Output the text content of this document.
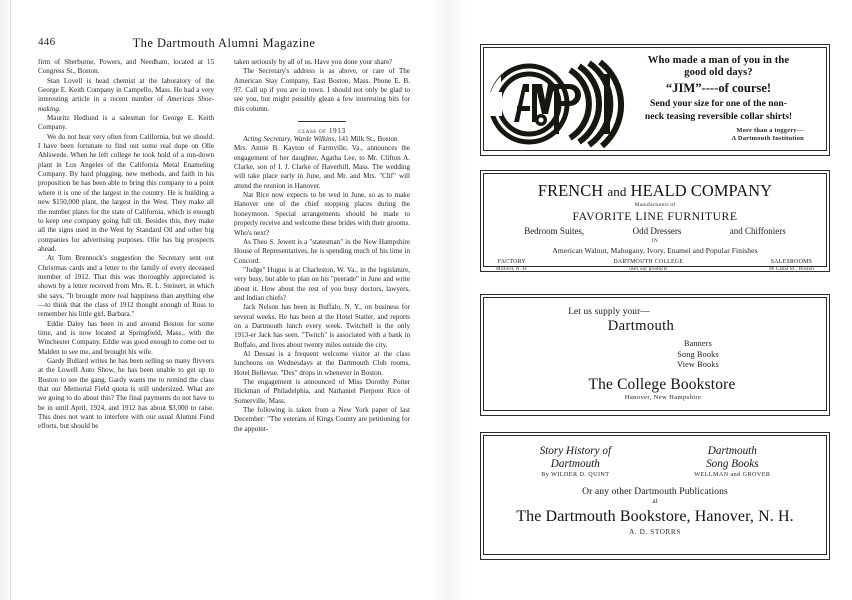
446	The Dartmouth Alumni Magazine

firm of Sherburne, Powers, and Needham, located at 15 Congress St., Boston.

Stan Lovell is head chemist at the laboratory of the George E. Keith Company in Campello, Mass. He had a very interesting article in a recent number of Americas Shoe-making.

Mauritz Hedlund is a salesman for George E. Keith Company.

We do not hear very often from California, but we should. I have been fortunate to find out some real dope on Olle Ahlswede. When he left college he took hold of a run-down plant in Los Angeles of the California Metal Enameling Company. By hard plugging, new methods, and faith in his proposition he has been able to bring this company to a point where it is one of the largest in the country. He is building a new $150,000 plant, the largest in the West. They make all the number plates for the state of California, which is enough to keep one company going full tilt. Besides this, they make all the signs used in the West by Standard Oil and other big companies for advertising purposes. Olie has big prospects ahead.

At Tom Brennock's suggestion the Secretary sent out Christmas cards and a letter to the family of every deceased member of 1912. That this was thoroughly appreciated is shown by a letter received from Mrs. R. L. Steinert, in which she says, "It brought more real happiness than anything else—to think that the class of 1912 thought enough of Russ to remember his little girl, Barbara."

Eddie Daley has been in and around Boston for some time, and is now located at Springfield, Mass., with the Winchester Company. Eddie was good enough to come out to Malden to see me, and brought his wife.

Gardy Bullard writes he has been selling so many flivvers at the Lowell Auto Show, he has been unable to get up to Boston to see the gang. Gardy wants me to remind the class that our Memorial Field quota is still undersized. What are we going to do about this? The final payments do not have to be in until April, 1924, and 1912 has about $3,000 to raise. This does not want to interfere with our usual Alumni Fund efforts, but should be

taken seriously by all of us. Have you done your share?

The Secretary's address is as above, or care of The American Stay Company, East Boston, Mass. Phone E. B. 97. Call up if you are in town. I should not only be glad to see you, but might possibly glean a few interesting bits for this column.

class of 1913

Acting Secretary, Warde Wilkins, 141 Milk St., Boston

Mrs. Annie B. Kayton of Farmville, Va., announces the engagement of her daughter, Agatha Lee, to Mr. Clifton A. Clarke, son of I. J. Clarke of Haverhill, Mass. The wedding will take place early in June, and Mr. and Mrs. "Clif" will attend the reunion in Hanover.

Nat Rice now expects to be wed in June, so as to make Hanover one of the chief stopping places during the honeymoon. Special arrangements should be made to properly receive and welcome these brides with their grooms. Who's next?

As Theo S. Jewett is a "statesman" in the New Hampshire House of Representatives, he is spending much of his time in Concord.

"Judge" Hugus is at Charleston, W. Va., in the legislature, very busy, but able to plan on his "peerade" in June and write about it. How about the rest of you busy doctors, lawyers, and Indian chiefs?

Jack Nelson has been in Buffalo, N. Y., on business for several weeks. He has been at the Hotel Statler, and reports on a Dartmouth lunch every week. Twitchell is the only 1913-er Jack has seen. "Twitch" is associated with a bank in Buffalo, and lives about twenty miles outside the city.

Al Dessau is a frequent welcome visitor at the class luncheons on Wednesdays at the Dartmouth Club rooms, Hotel Bellevue. "Des" drops in whenever in Boston.

The engagement is announced of Miss Dorothy Potter Hickman of Philadelphia, and Nathaniel Pierpont Rice of Somerville, Mass.

The following is taken from a New York paper of last December: "The veterans of Kings County are petitioning for the appoint-

Who made a man of you in the
good old days?
“JIM”----of course!
Send your size for one of the non-
neck teasing reversible collar shirts!
More than a toggery---
A Dartmouth Institution
FRENCH and HEALD COMPANY
Manufacturers of
FAVORITE LINE FURNITURE
Bedroom Suites,	Odd Dressers	and Chiffoniers
IN
American Walnut, Mahogany, Ivory, Enamel and Popular Finishes
FACTORY
Milford, N. H.
DARTMOUTH COLLEGE
uses our products
SALESROOMS
96 Canal St., Boston
Let us supply your—
Dartmouth
Banners
Song Books
View Books
The College Bookstore
Hanover, New Hampshire
Story History of
Dartmouth
By WILDER D. QUINT
Dartmouth
Song Books
WELLMAN and GROVER
Or any other Dartmouth Publications
at
The Dartmouth Bookstore, Hanover, N. H.
A. D. STORRS
